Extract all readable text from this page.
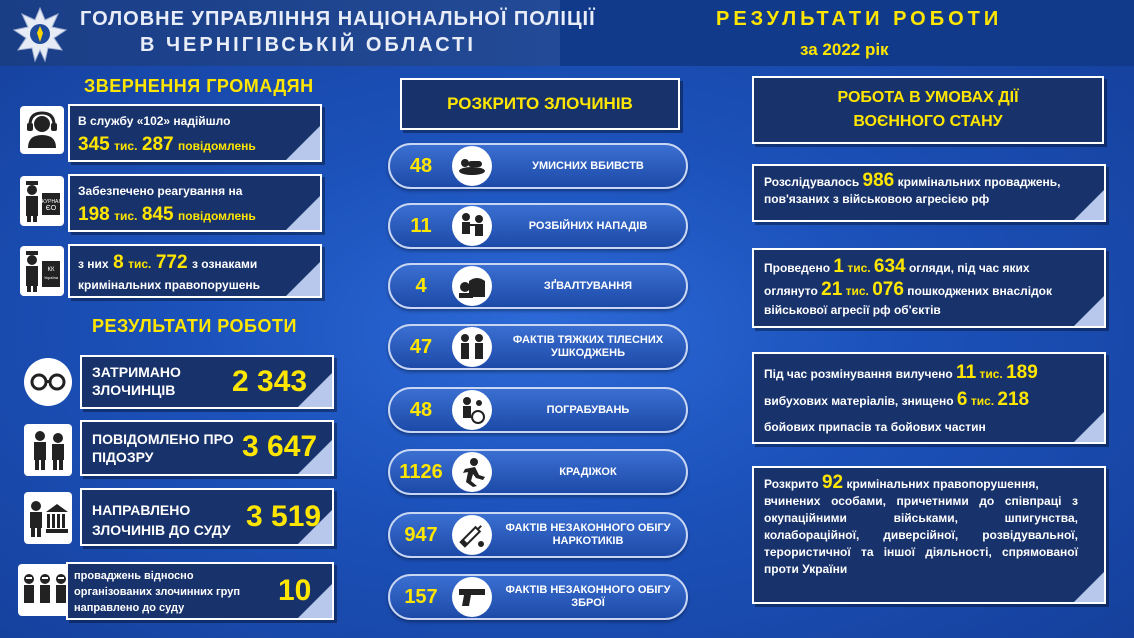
ГОЛОВНЕ УПРАВЛІННЯ НАЦІОНАЛЬНОЇ ПОЛІЦІЇ
В ЧЕРНІГІВСЬКІЙ ОБЛАСТІ
РЕЗУЛЬТАТИ РОБОТИ
за 2022 рік
ЗВЕРНЕННЯ ГРОМАДЯН
В службу «102» надійшло
345 тис. 287 повідомлень
ЖУРНАЛ
ЄО
Забезпечено реагування на
198 тис. 845 повідомлень
КК
України
з них 8 тис. 772 з ознаками
кримінальних правопорушень
РЕЗУЛЬТАТИ РОБОТИ
ЗАТРИМАНО ЗЛОЧИНЦІВ	2 343
ПОВІДОМЛЕНО ПРО ПІДОЗРУ	3 647
НАПРАВЛЕНО ЗЛОЧИНІВ ДО СУДУ 3 519
проваджень відносно організованих злочинних груп направлено до суду
10
РОЗКРИТО ЗЛОЧИНІВ
48	УМИСНИХ ВБИВСТВ
11	РОЗБІЙНИХ НАПАДІВ
4	ЗҐВАЛТУВАННЯ
47	ФАКТІВ ТЯЖКИХ ТІЛЕСНИХ УШКОДЖЕНЬ
48	ПОГРАБУВАНЬ
1126	КРАДІЖОК
947	ФАКТІВ НЕЗАКОННОГО ОБІГУ НАРКОТИКІВ
157	ФАКТІВ НЕЗАКОННОГО ОБІГУ ЗБРОЇ
РОБОТА В УМОВАХ ДІЇ
ВОЄННОГО СТАНУ
Розслідувалось 986 кримінальних проваджень,
пов'язаних з військовою агресією рф
Проведено 1 тис. 634 огляди, під час яких
оглянуто 21 тис. 076 пошкоджених внаслідок
військової агресії рф об'єктів
Під час розмінування вилучено 11 тис. 189
вибухових матеріалів, знищено 6 тис. 218
бойових припасів та бойових частин
Розкрито 92 кримінальних правопорушення,
вчинених особами, причетними до співпраці з окупаційними військами, шпигунства, колабораційної, диверсійної, розвідувальної, терористичної та іншої діяльності, спрямованої проти України
